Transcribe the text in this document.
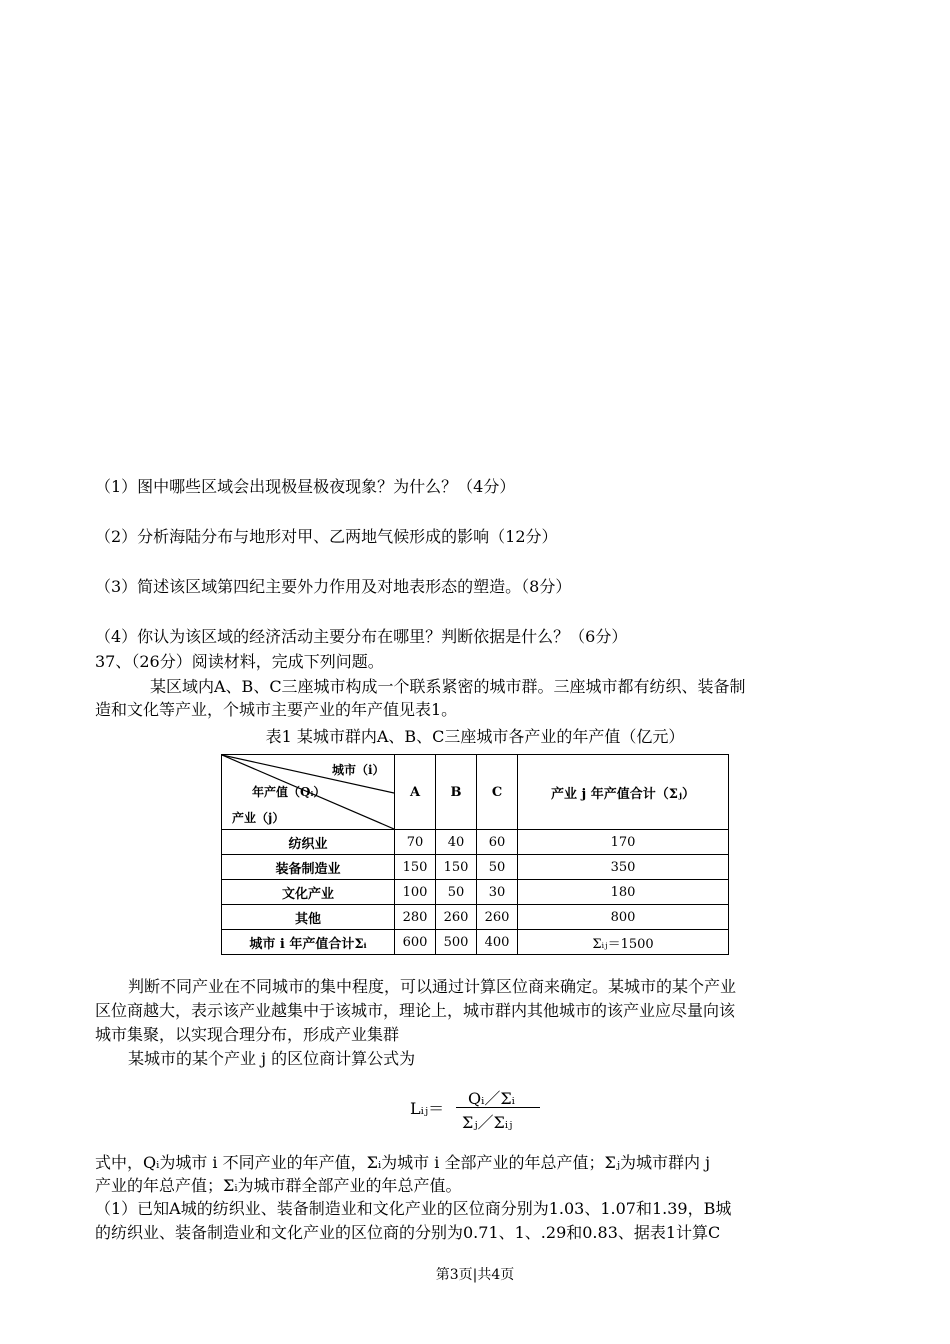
（1）图中哪些区域会出现极昼极夜现象？为什么？（4分）
（2）分析海陆分布与地形对甲、乙两地气候形成的影响（12分）
（3）简述该区域第四纪主要外力作用及对地表形态的塑造。（8分）
（4）你认为该区域的经济活动主要分布在哪里？判断依据是什么？（6分）
37、（26分）阅读材料，完成下列问题。
某区域内A、B、C三座城市构成一个联系紧密的城市群。三座城市都有纺织、装备制
造和文化等产业，个城市主要产业的年产值见表1。
表1 某城市群内A、B、C三座城市各产业的年产值（亿元）
城市（i）
年产值（Qᵢ）
产业（j）	A	B	C	产业 j 年产值合计（Σⱼ）
纺织业	70	40	60	170
装备制造业	150	150	50	350
文化产业	100	50	30	180
其他	280	260	260	800
城市 i 年产值合计Σᵢ	600	500	400	Σᵢⱼ＝1500
判断不同产业在不同城市的集中程度，可以通过计算区位商来确定。某城市的某个产业
区位商越大，表示该产业越集中于该城市，理论上，城市群内其他城市的该产业应尽量向该
城市集聚，以实现合理分布，形成产业集群
某城市的某个产业 j 的区位商计算公式为
Lᵢⱼ＝
Qᵢ／Σᵢ
Σⱼ／Σᵢⱼ
式中，Qᵢ为城市 i 不同产业的年产值，Σᵢ为城市 i 全部产业的年总产值；Σⱼ为城市群内 j
产业的年总产值；Σᵢ为城市群全部产业的年总产值。
（1）已知A城的纺织业、装备制造业和文化产业的区位商分别为1.03、1.07和1.39，B城
的纺织业、装备制造业和文化产业的区位商的分别为0.71、1、.29和0.83、据表1计算C
第3页|共4页
